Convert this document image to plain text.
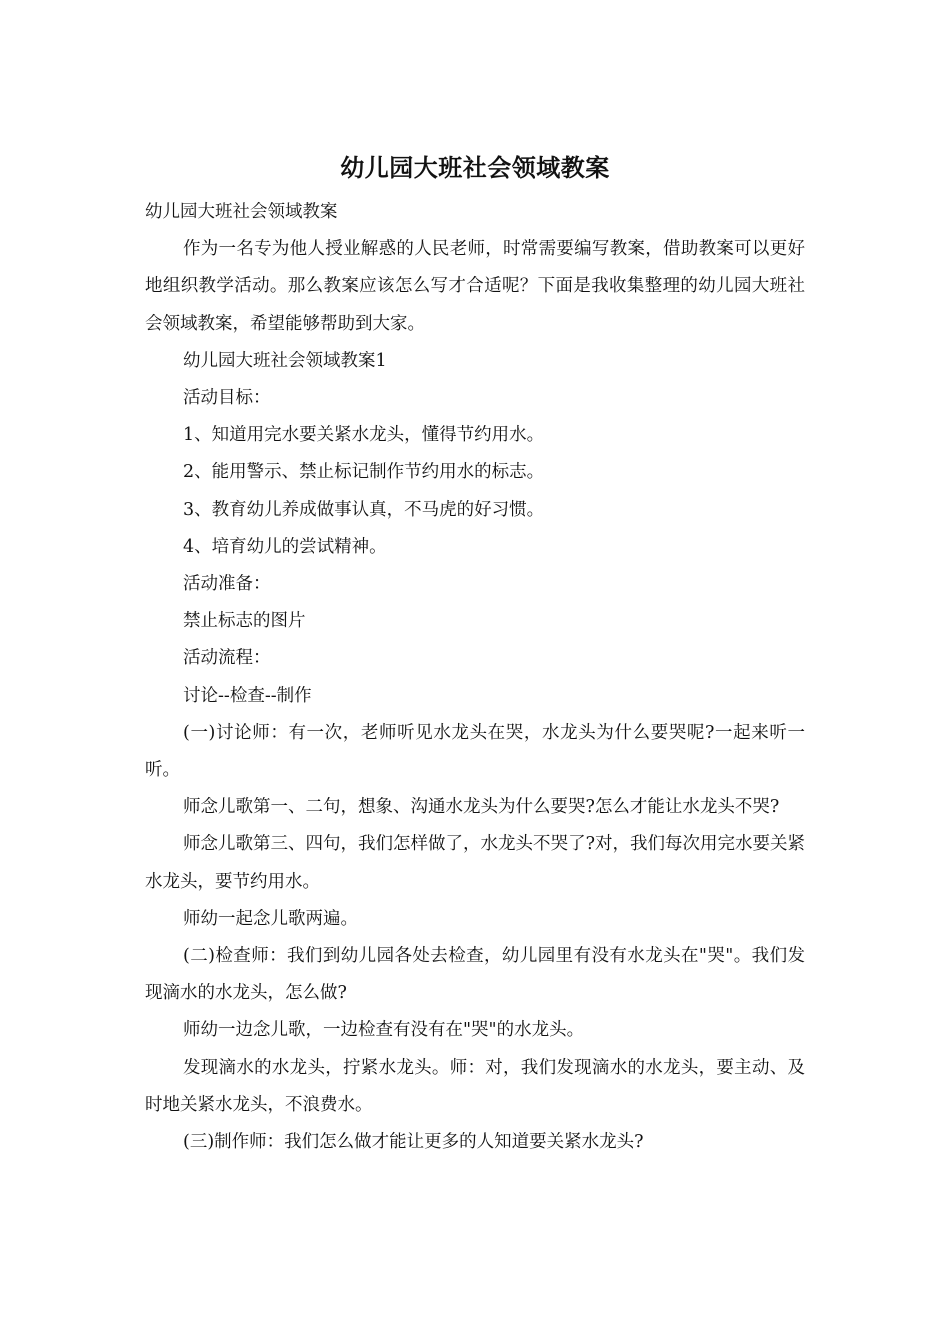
幼儿园大班社会领域教案

幼儿园大班社会领域教案

作为一名专为他人授业解惑的人民老师，时常需要编写教案，借助教案可以更好地组织教学活动。那么教案应该怎么写才合适呢？下面是我收集整理的幼儿园大班社会领域教案，希望能够帮助到大家。

幼儿园大班社会领域教案1

活动目标：

1、知道用完水要关紧水龙头，懂得节约用水。

2、能用警示、禁止标记制作节约用水的标志。

3、教育幼儿养成做事认真，不马虎的好习惯。

4、培育幼儿的尝试精神。

活动准备：

禁止标志的图片

活动流程：

讨论--检查--制作

(一)讨论师：有一次，老师听见水龙头在哭，水龙头为什么要哭呢?一起来听一听。

师念儿歌第一、二句，想象、沟通水龙头为什么要哭?怎么才能让水龙头不哭?

师念儿歌第三、四句，我们怎样做了，水龙头不哭了?对，我们每次用完水要关紧水龙头，要节约用水。

师幼一起念儿歌两遍。

(二)检查师：我们到幼儿园各处去检查，幼儿园里有没有水龙头在"哭"。我们发现滴水的水龙头，怎么做?

师幼一边念儿歌，一边检查有没有在"哭"的水龙头。

发现滴水的水龙头，拧紧水龙头。师：对，我们发现滴水的水龙头，要主动、及时地关紧水龙头，不浪费水。

(三)制作师：我们怎么做才能让更多的人知道要关紧水龙头?
